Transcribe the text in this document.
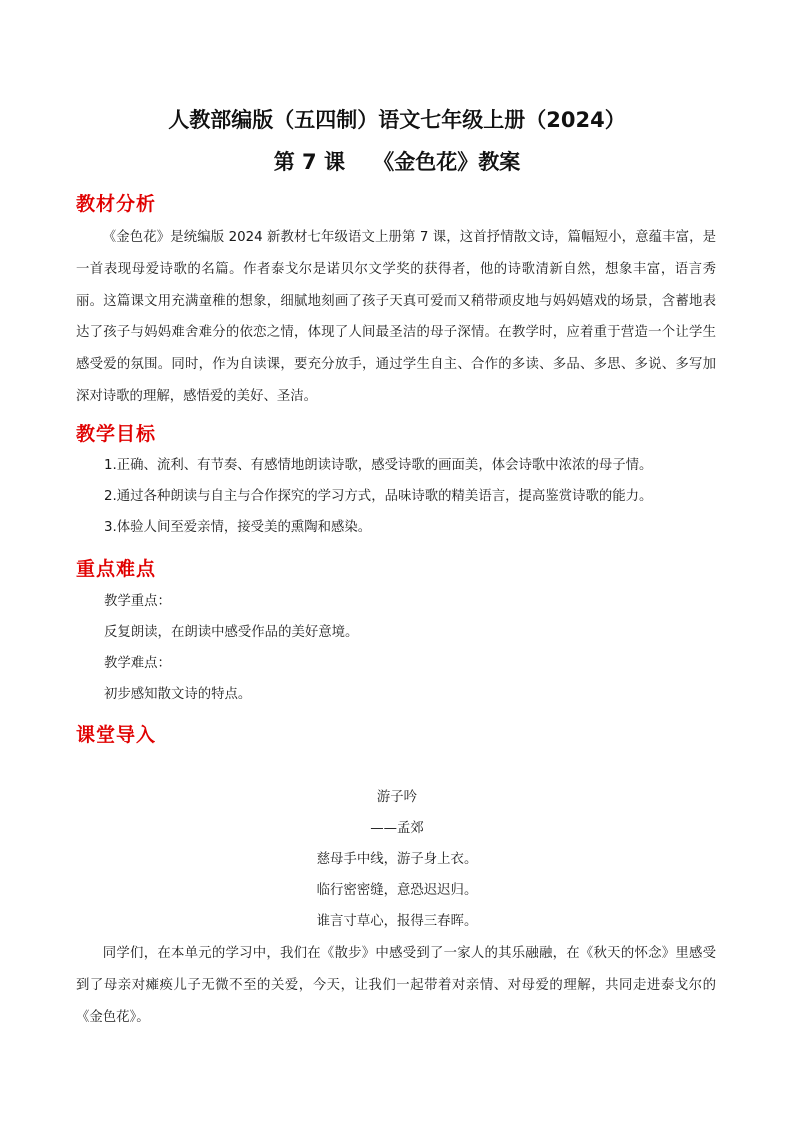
人教部编版（五四制）语文七年级上册（2024）
第 7 课　 《金色花》教案
教材分析

《金色花》是统编版 2024 新教材七年级语文上册第 7 课，这首抒情散文诗，篇幅短小，意蕴丰富，是一首表现母爱诗歌的名篇。作者泰戈尔是诺贝尔文学奖的获得者，他的诗歌清新自然，想象丰富，语言秀丽。这篇课文用充满童稚的想象，细腻地刻画了孩子天真可爱而又稍带顽皮地与妈妈嬉戏的场景，含蓄地表达了孩子与妈妈难舍难分的依恋之情，体现了人间最圣洁的母子深情。在教学时，应着重于营造一个让学生感受爱的氛围。同时，作为自读课，要充分放手，通过学生自主、合作的多读、多品、多思、多说、多写加深对诗歌的理解，感悟爱的美好、圣洁。

教学目标
1.正确、流利、有节奏、有感情地朗读诗歌，感受诗歌的画面美，体会诗歌中浓浓的母子情。
2.通过各种朗读与自主与合作探究的学习方式，品味诗歌的精美语言，提高鉴赏诗歌的能力。
3.体验人间至爱亲情，接受美的熏陶和感染。
重点难点
教学重点：
反复朗读，在朗读中感受作品的美好意境。
教学难点：
初步感知散文诗的特点。
课堂导入
游子吟
——孟郊
慈母手中线，游子身上衣。
临行密密缝，意恐迟迟归。
谁言寸草心，报得三春晖。

同学们，在本单元的学习中，我们在《散步》中感受到了一家人的其乐融融，在《秋天的怀念》里感受到了母亲对瘫痪儿子无微不至的关爱，今天，让我们一起带着对亲情、对母爱的理解，共同走进泰戈尔的《金色花》。
